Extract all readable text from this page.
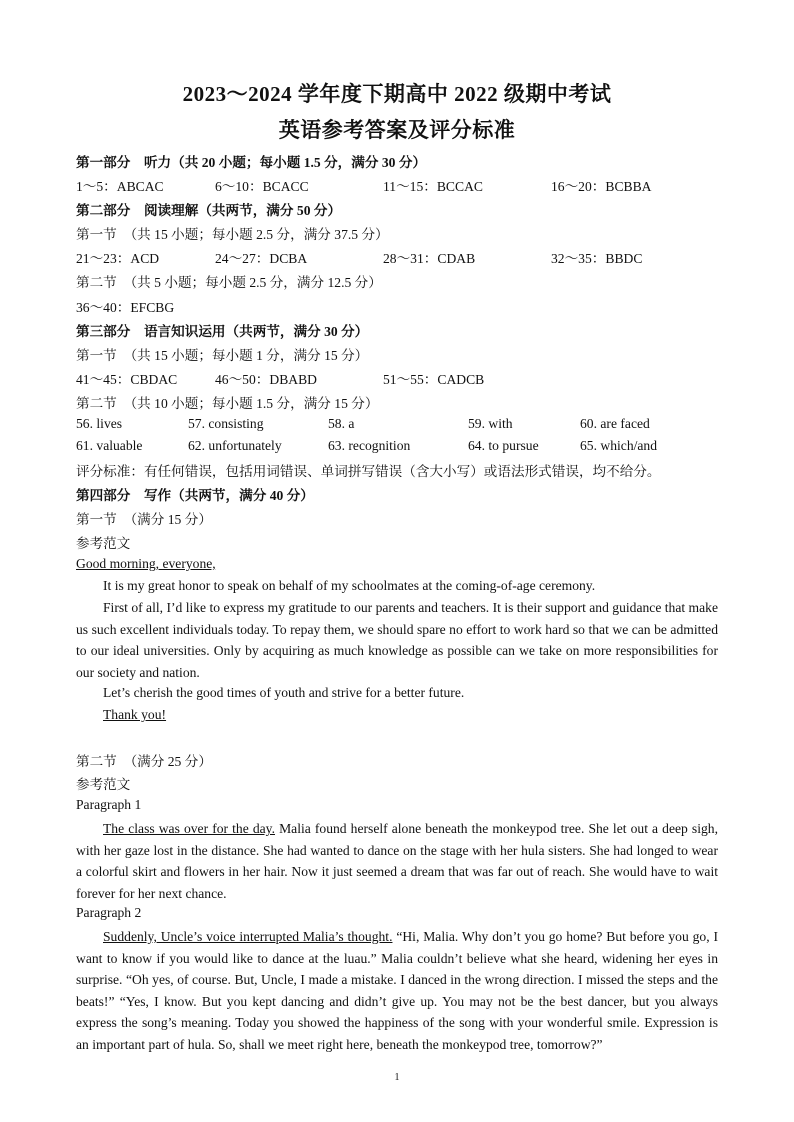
2023～2024 学年度下期高中 2022 级期中考试
英语参考答案及评分标准
第一部分　听力（共 20 小题；每小题 1.5 分，满分 30 分）
1～5：ABCAC	6～10：BCACC	11～15：BCCAC	16～20：BCBBA
第二部分　阅读理解（共两节，满分 50 分）
第一节　（共 15 小题；每小题 2.5 分，满分 37.5 分）
21～23：ACD	24～27：DCBA	28～31：CDAB	32～35：BBDC
第二节　（共 5 小题；每小题 2.5 分，满分 12.5 分）
36～40：EFCBG
第三部分　语言知识运用（共两节，满分 30 分）
第一节　（共 15 小题；每小题 1 分，满分 15 分）
41～45：CBDAC	46～50：DBABD	51～55：CADCB
第二节　（共 10 小题；每小题 1.5 分，满分 15 分）
56. lives	57. consisting	58. a	59. with	60. are faced
61. valuable	62. unfortunately	63. recognition	64. to pursue	65. which/and
评分标准：有任何错误，包括用词错误、单词拼写错误（含大小写）或语法形式错误，均不给分。
第四部分　写作（共两节，满分 40 分）
第一节　（满分 15 分）
参考范文
Good morning, everyone,
It is my great honor to speak on behalf of my schoolmates at the coming-of-age ceremony.
First of all, I’d like to express my gratitude to our parents and teachers. It is their support and guidance that make us such excellent individuals today. To repay them, we should spare no effort to work hard so that we can be admitted to our ideal universities. Only by acquiring as much knowledge as possible can we take on more responsibilities for our society and nation.
Let’s cherish the good times of youth and strive for a better future.
Thank you!
第二节　（满分 25 分）
参考范文
Paragraph 1
The class was over for the day. Malia found herself alone beneath the monkeypod tree. She let out a deep sigh, with her gaze lost in the distance. She had wanted to dance on the stage with her hula sisters. She had longed to wear a colorful skirt and flowers in her hair. Now it just seemed a dream that was far out of reach. She would have to wait forever for her next chance.
Paragraph 2
Suddenly, Uncle’s voice interrupted Malia’s thought. “Hi, Malia. Why don’t you go home? But before you go, I want to know if you would like to dance at the luau.” Malia couldn’t believe what she heard, widening her eyes in surprise. “Oh yes, of course. But, Uncle, I made a mistake. I danced in the wrong direction. I missed the steps and the beats!” “Yes, I know. But you kept dancing and didn’t give up. You may not be the best dancer, but you always express the song’s meaning. Today you showed the happiness of the song with your wonderful smile. Expression is an important part of hula. So, shall we meet right here, beneath the monkeypod tree, tomorrow?”
1
